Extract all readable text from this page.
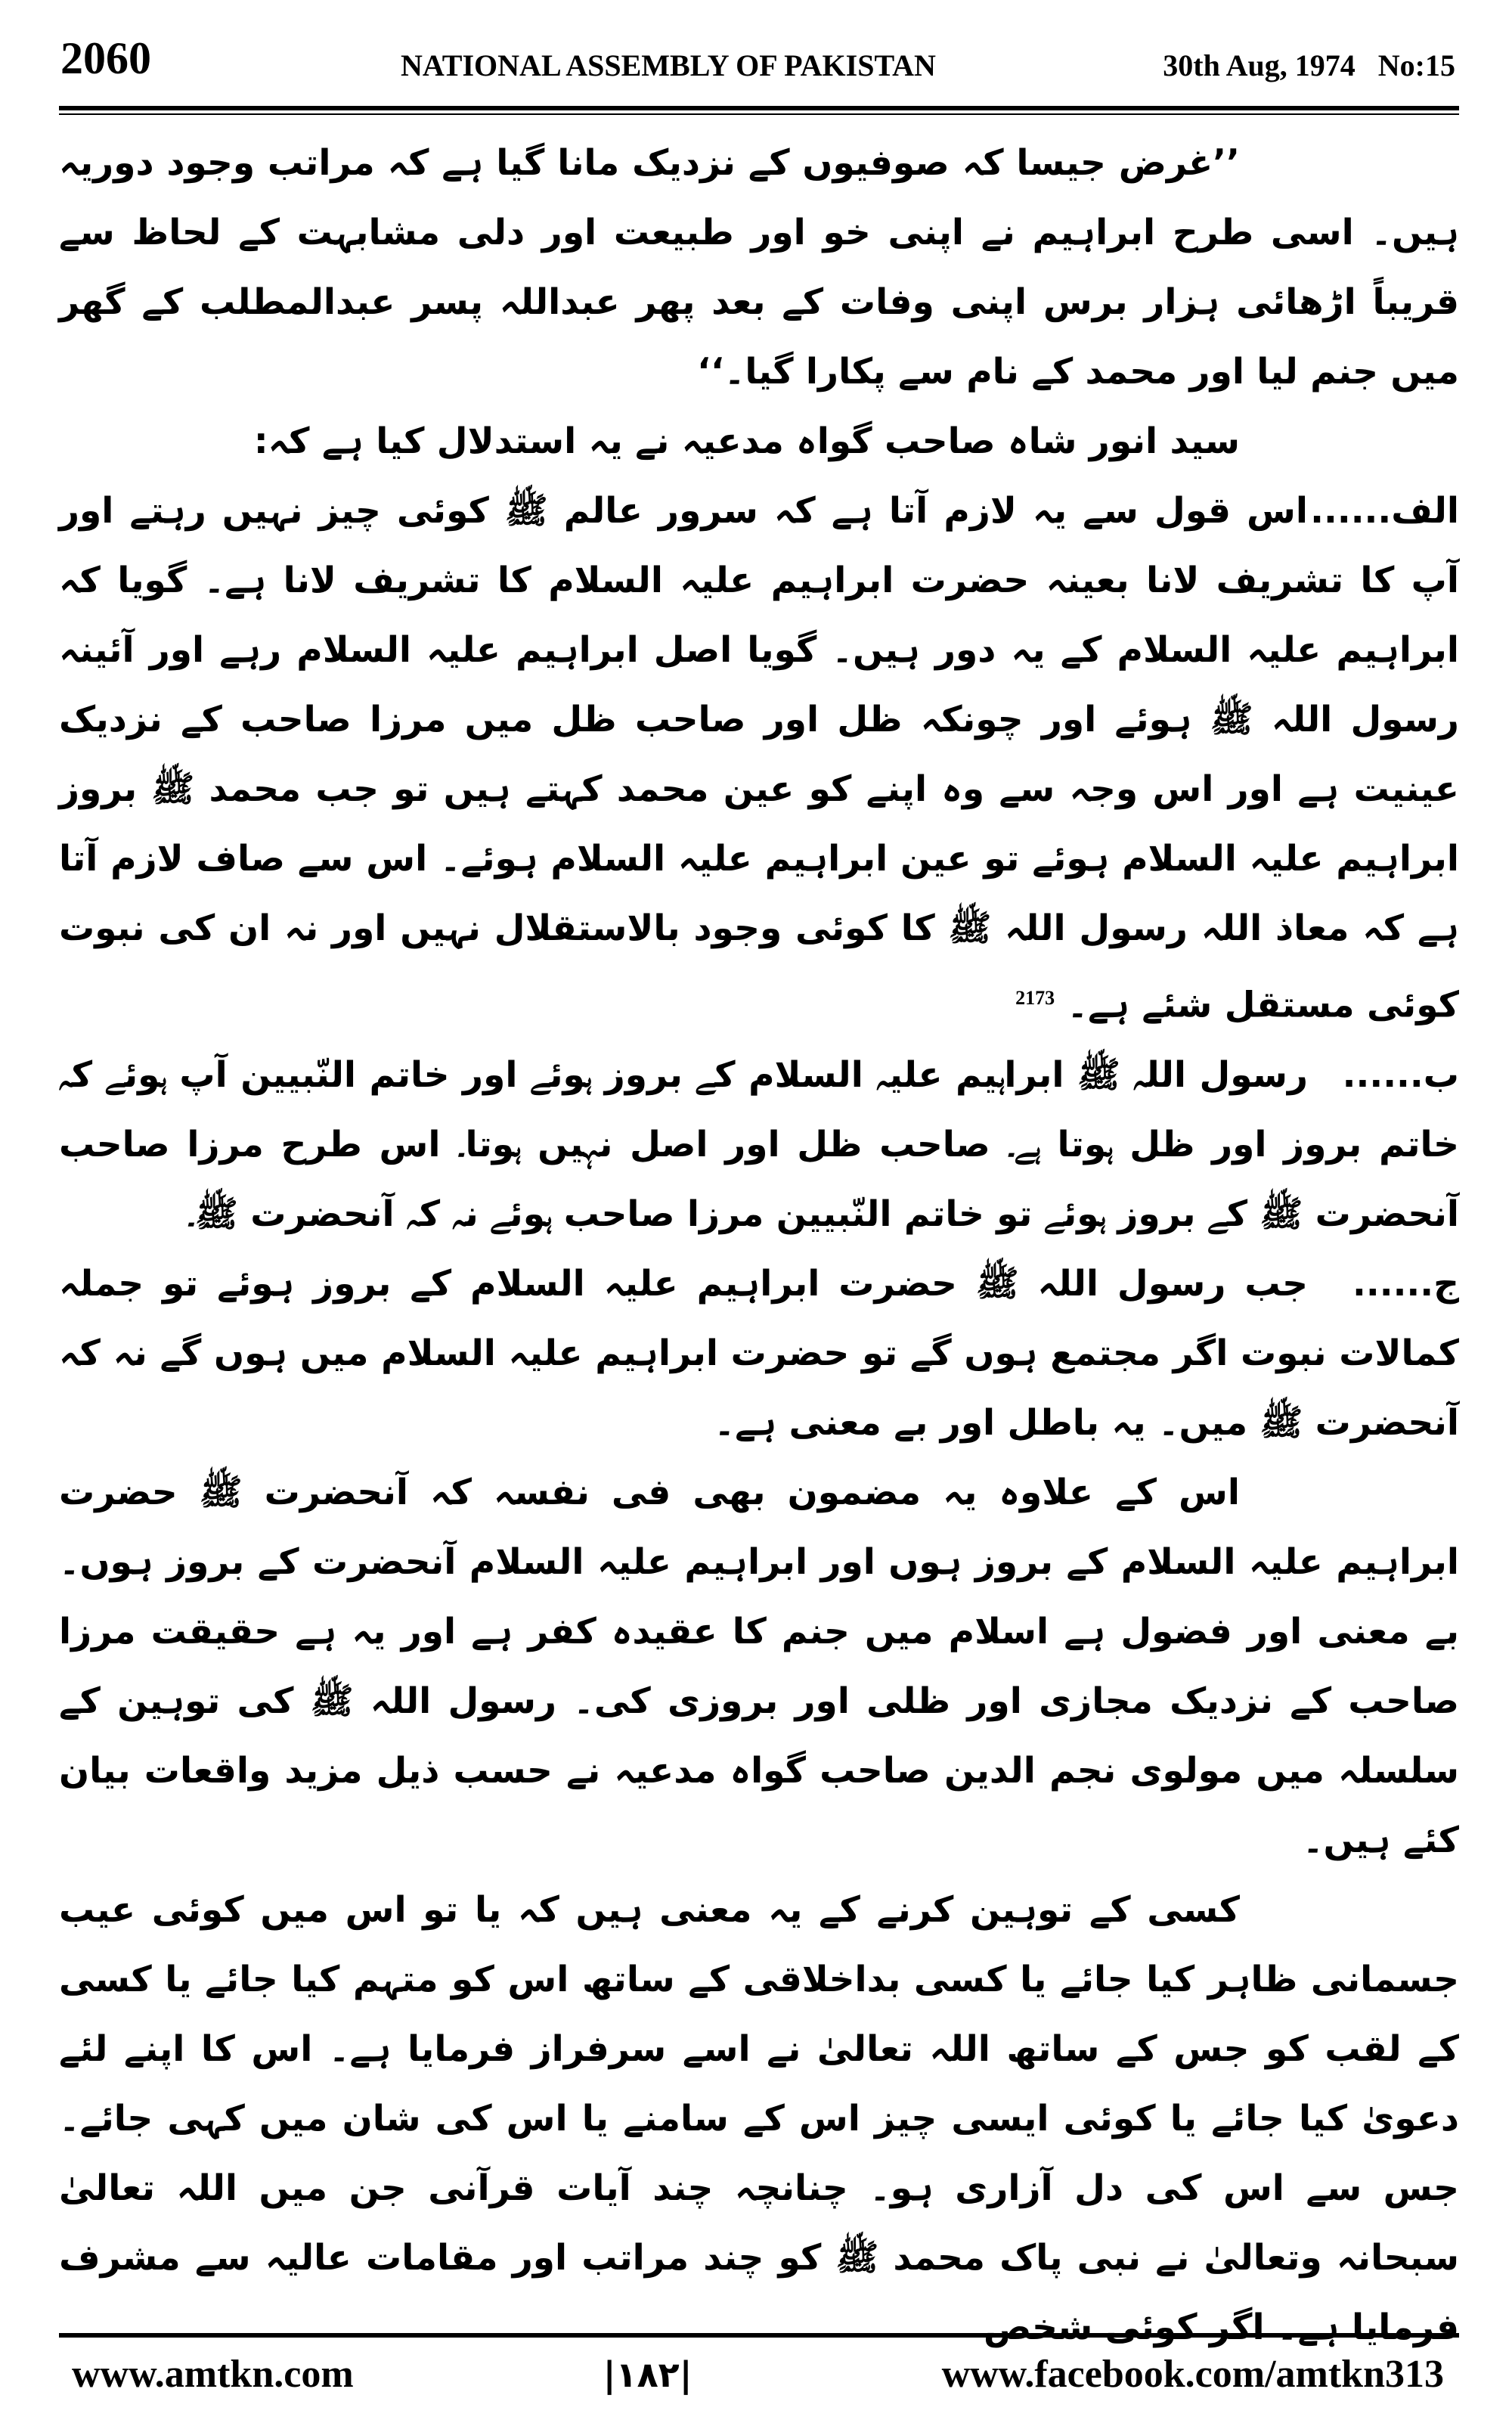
2060	NATIONAL ASSEMBLY OF PAKISTAN	30th Aug, 1974 No:15

’’غرض جیسا کہ صوفیوں کے نزدیک مانا گیا ہے کہ مراتب وجود دوریہ ہیں۔ اسی طرح ابراہیم نے اپنی خو اور طبیعت اور دلی مشابہت کے لحاظ سے قریباً اڑھائی ہزار برس اپنی وفات کے بعد پھر عبداللہ پسر عبدالمطلب کے گھر میں جنم لیا اور محمد کے نام سے پکارا گیا۔‘‘

سید انور شاہ صاحب گواہ مدعیہ نے یہ استدلال کیا ہے کہ:

الف......اس قول سے یہ لازم آتا ہے کہ سرور عالم ﷺ کوئی چیز نہیں رہتے اور آپ کا تشریف لانا بعینہ حضرت ابراہیم علیہ السلام کا تشریف لانا ہے۔ گویا کہ ابراہیم علیہ السلام کے یہ دور ہیں۔ گویا اصل ابراہیم علیہ السلام رہے اور آئینہ رسول اللہ ﷺ ہوئے اور چونکہ ظل اور صاحب ظل میں مرزا صاحب کے نزدیک عینیت ہے اور اس وجہ سے وہ اپنے کو عین محمد کہتے ہیں تو جب محمد ﷺ بروز ابراہیم علیہ السلام ہوئے تو عین ابراہیم علیہ السلام ہوئے۔ اس سے صاف لازم آتا ہے کہ معاذ اللہ رسول اللہ ﷺ کا کوئی وجود بالاستقلال نہیں اور نہ ان کی نبوت کوئی مستقل شئے ہے۔ $^{2173}$

ب......رسول اللہ ﷺ ابراہیم علیہ السلام کے بروز ہوئے اور خاتم النّبیین آپ ہوئے کہ خاتم بروز اور ظل ہوتا ہے۔ صاحب ظل اور اصل نہیں ہوتا۔ اس طرح مرزا صاحب آنحضرت ﷺ کے بروز ہوئے تو خاتم النّبیین مرزا صاحب ہوئے نہ کہ آنحضرت ﷺ۔

ج......جب رسول اللہ ﷺ حضرت ابراہیم علیہ السلام کے بروز ہوئے تو جملہ کمالات نبوت اگر مجتمع ہوں گے تو حضرت ابراہیم علیہ السلام میں ہوں گے نہ کہ آنحضرت ﷺ میں۔ یہ باطل اور بے معنی ہے۔

اس کے علاوہ یہ مضمون بھی فی نفسہ کہ آنحضرت ﷺ حضرت ابراہیم علیہ السلام کے بروز ہوں اور ابراہیم علیہ السلام آنحضرت کے بروز ہوں۔ بے معنی اور فضول ہے اسلام میں جنم کا عقیدہ کفر ہے اور یہ ہے حقیقت مرزا صاحب کے نزدیک مجازی اور ظلی اور بروزی کی۔ رسول اللہ ﷺ کی توہین کے سلسلہ میں مولوی نجم الدین صاحب گواہ مدعیہ نے حسب ذیل مزید واقعات بیان کئے ہیں۔

کسی کے توہین کرنے کے یہ معنی ہیں کہ یا تو اس میں کوئی عیب جسمانی ظاہر کیا جائے یا کسی بداخلاقی کے ساتھ اس کو متہم کیا جائے یا کسی کے لقب کو جس کے ساتھ اللہ تعالیٰ نے اسے سرفراز فرمایا ہے۔ اس کا اپنے لئے دعویٰ کیا جائے یا کوئی ایسی چیز اس کے سامنے یا اس کی شان میں کہی جائے۔ جس سے اس کی دل آزاری ہو۔ چنانچہ چند آیات قرآنی جن میں اللہ تعالیٰ سبحانہ وتعالیٰ نے نبی پاک محمد ﷺ کو چند مراتب اور مقامات عالیہ سے مشرف فرمایا ہے۔ اگر کوئی شخص

www.amtkn.com	|۱۸۲|	www.facebook.com/amtkn313
